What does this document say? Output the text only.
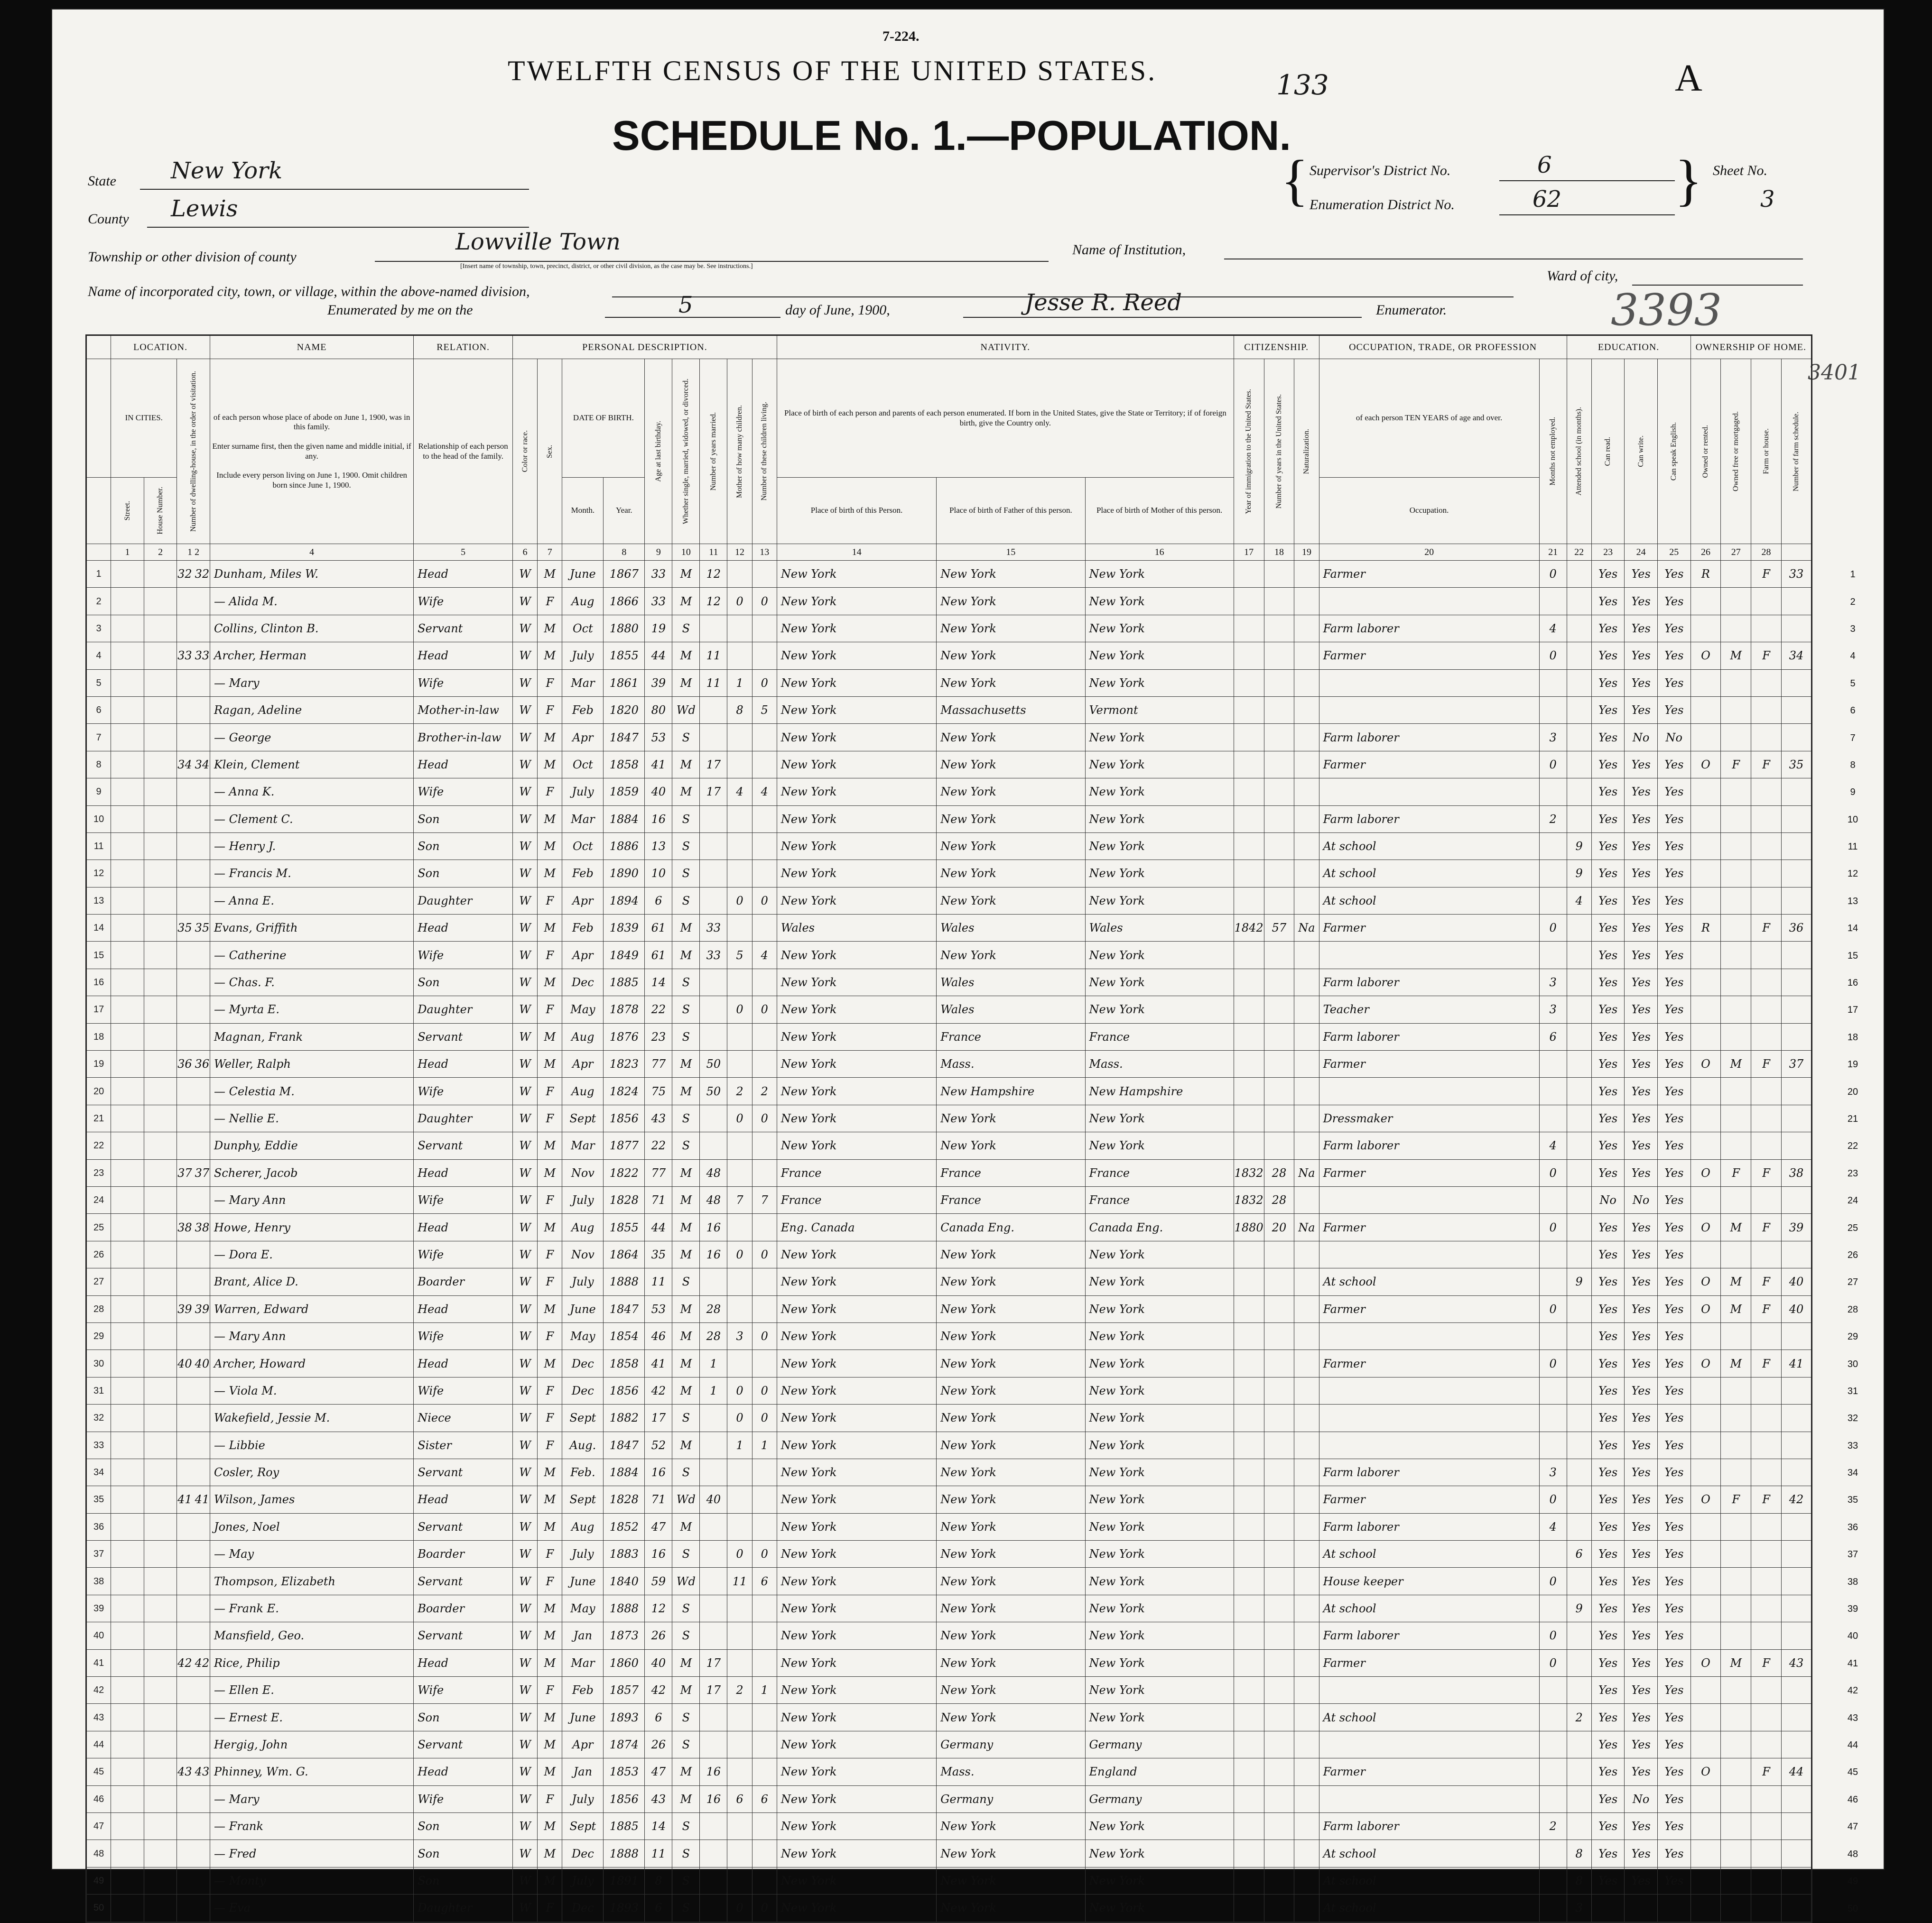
7-224.
TWELFTH CENSUS OF THE UNITED STATES.	133	A
SCHEDULE No. 1.—POPULATION.
State New York
County Lewis	{ Supervisor's District No.	6
Enumeration District No.	62 } Sheet No.
3
Township or other division of county
Lowville Town
[Insert name of township, town, precinct, district, or other civil division, as the case may be. See instructions.]
Name of Institution,
Name of incorporated city, town, or village, within the above-named division,
Ward of city,
Enumerated by me on the	5	day of June, 1900,	Jesse R. Reed	Enumerator.	3393
3401
	LOCATION.			NAME	RELATION.	PERSONAL DESCRIPTION.									NATIVITY.			CITIZENSHIP.			OCCUPATION, TRADE, OR PROFESSION		EDUCATION.				OWNERSHIP OF HOME.			
	IN CITIES.		Number of dwelling-house, in the order of visitation.	of each person whose place of abode on June 1, 1900, was in this family.

Enter surname first, then the given name and middle initial, if any.

Include every person living on June 1, 1900. Omit children born since June 1, 1900.	Relationship of each person to the head of the family.	Color or race.	Sex.	DATE OF BIRTH.		Age at last birthday.	Whether single, married, widowed, or divorced.	Number of years married.	Mother of how many children.	Number of these children living.	Place of birth of each person and parents of each person enumerated. If born in the United States, give the State or Territory; if of foreign birth, give the Country only.			Year of immigration to the United States.	Number of years in the United States.	Naturalization.	of each person TEN YEARS of age and over.	Months not employed.	Attended school (in months).	Can read.	Can write.	Can speak English.	Owned or rented.	Owned free or mortgaged.	Farm or house.	Number of farm schedule.

	Street.	House Number.						Month.	Year.						Place of birth of this Person.	Place of birth of Father of this person.	Place of birth of Mother of this person.				Occupation.									
	1	2	1 2	4	5	6	7		8	9	10	11	12	13	14	15	16	17	18	19	20	21	22	23	24	25	26	27	28	
1			32 32	Dunham, Miles W.	Head	W	M	June	1867	33	M	12			New York	New York	New York				Farmer	0		Yes	Yes	Yes	R		F	33
2				— Alida M.	Wife	W	F	Aug	1866	33	M	12	0	0	New York	New York	New York							Yes	Yes	Yes				
3				Collins, Clinton B.	Servant	W	M	Oct	1880	19	S				New York	New York	New York				Farm laborer	4		Yes	Yes	Yes				
4			33 33	Archer, Herman	Head	W	M	July	1855	44	M	11			New York	New York	New York				Farmer	0		Yes	Yes	Yes	O	M	F	34
5				— Mary	Wife	W	F	Mar	1861	39	M	11	1	0	New York	New York	New York							Yes	Yes	Yes				
6				Ragan, Adeline	Mother-in-law	W	F	Feb	1820	80	Wd		8	5	New York	Massachusetts	Vermont							Yes	Yes	Yes				
7				— George	Brother-in-law	W	M	Apr	1847	53	S				New York	New York	New York				Farm laborer	3		Yes	No	No				
8			34 34	Klein, Clement	Head	W	M	Oct	1858	41	M	17			New York	New York	New York				Farmer	0		Yes	Yes	Yes	O	F	F	35
9				— Anna K.	Wife	W	F	July	1859	40	M	17	4	4	New York	New York	New York							Yes	Yes	Yes				
10				— Clement C.	Son	W	M	Mar	1884	16	S				New York	New York	New York				Farm laborer	2		Yes	Yes	Yes				
11				— Henry J.	Son	W	M	Oct	1886	13	S				New York	New York	New York				At school		9	Yes	Yes	Yes				
12				— Francis M.	Son	W	M	Feb	1890	10	S				New York	New York	New York				At school		9	Yes	Yes	Yes				
13				— Anna E.	Daughter	W	F	Apr	1894	6	S		0	0	New York	New York	New York				At school		4	Yes	Yes	Yes				
14			35 35	Evans, Griffith	Head	W	M	Feb	1839	61	M	33			Wales	Wales	Wales	1842	57	Na	Farmer	0		Yes	Yes	Yes	R		F	36
15				— Catherine	Wife	W	F	Apr	1849	61	M	33	5	4	New York	New York	New York							Yes	Yes	Yes				
16				— Chas. F.	Son	W	M	Dec	1885	14	S				New York	Wales	New York				Farm laborer	3		Yes	Yes	Yes				
17				— Myrta E.	Daughter	W	F	May	1878	22	S		0	0	New York	Wales	New York				Teacher	3		Yes	Yes	Yes				
18				Magnan, Frank	Servant	W	M	Aug	1876	23	S				New York	France	France				Farm laborer	6		Yes	Yes	Yes				
19			36 36	Weller, Ralph	Head	W	M	Apr	1823	77	M	50			New York	Mass.	Mass.				Farmer			Yes	Yes	Yes	O	M	F	37
20				— Celestia M.	Wife	W	F	Aug	1824	75	M	50	2	2	New York	New Hampshire	New Hampshire							Yes	Yes	Yes				
21				— Nellie E.	Daughter	W	F	Sept	1856	43	S		0	0	New York	New York	New York				Dressmaker			Yes	Yes	Yes				
22				Dunphy, Eddie	Servant	W	M	Mar	1877	22	S				New York	New York	New York				Farm laborer	4		Yes	Yes	Yes				
23			37 37	Scherer, Jacob	Head	W	M	Nov	1822	77	M	48			France	France	France	1832	28	Na	Farmer	0		Yes	Yes	Yes	O	F	F	38
24				— Mary Ann	Wife	W	F	July	1828	71	M	48	7	7	France	France	France	1832	28					No	No	Yes				
25			38 38	Howe, Henry	Head	W	M	Aug	1855	44	M	16			Eng. Canada	Canada Eng.	Canada Eng.	1880	20	Na	Farmer	0		Yes	Yes	Yes	O	M	F	39
26				— Dora E.	Wife	W	F	Nov	1864	35	M	16	0	0	New York	New York	New York							Yes	Yes	Yes				
27				Brant, Alice D.	Boarder	W	F	July	1888	11	S				New York	New York	New York				At school		9	Yes	Yes	Yes	O	M	F	40
28			39 39	Warren, Edward	Head	W	M	June	1847	53	M	28			New York	New York	New York				Farmer	0		Yes	Yes	Yes	O	M	F	40
29				— Mary Ann	Wife	W	F	May	1854	46	M	28	3	0	New York	New York	New York							Yes	Yes	Yes				
30			40 40	Archer, Howard	Head	W	M	Dec	1858	41	M	1			New York	New York	New York				Farmer	0		Yes	Yes	Yes	O	M	F	41
31				— Viola M.	Wife	W	F	Dec	1856	42	M	1	0	0	New York	New York	New York							Yes	Yes	Yes				
32				Wakefield, Jessie M.	Niece	W	F	Sept	1882	17	S		0	0	New York	New York	New York							Yes	Yes	Yes				
33				— Libbie	Sister	W	F	Aug.	1847	52	M		1	1	New York	New York	New York							Yes	Yes	Yes				
34				Cosler, Roy	Servant	W	M	Feb.	1884	16	S				New York	New York	New York				Farm laborer	3		Yes	Yes	Yes				
35			41 41	Wilson, James	Head	W	M	Sept	1828	71	Wd	40			New York	New York	New York				Farmer	0		Yes	Yes	Yes	O	F	F	42
36				Jones, Noel	Servant	W	M	Aug	1852	47	M				New York	New York	New York				Farm laborer	4		Yes	Yes	Yes				
37				— May	Boarder	W	F	July	1883	16	S		0	0	New York	New York	New York				At school		6	Yes	Yes	Yes				
38				Thompson, Elizabeth	Servant	W	F	June	1840	59	Wd		11	6	New York	New York	New York				House keeper	0		Yes	Yes	Yes				
39				— Frank E.	Boarder	W	M	May	1888	12	S				New York	New York	New York				At school		9	Yes	Yes	Yes				
40				Mansfield, Geo.	Servant	W	M	Jan	1873	26	S				New York	New York	New York				Farm laborer	0		Yes	Yes	Yes				
41			42 42	Rice, Philip	Head	W	M	Mar	1860	40	M	17			New York	New York	New York				Farmer	0		Yes	Yes	Yes	O	M	F	43
42				— Ellen E.	Wife	W	F	Feb	1857	42	M	17	2	1	New York	New York	New York							Yes	Yes	Yes				
43				— Ernest E.	Son	W	M	June	1893	6	S				New York	New York	New York				At school		2	Yes	Yes	Yes				
44				Hergig, John	Servant	W	M	Apr	1874	26	S				New York	Germany	Germany							Yes	Yes	Yes				
45			43 43	Phinney, Wm. G.	Head	W	M	Jan	1853	47	M	16			New York	Mass.	England				Farmer			Yes	Yes	Yes	O		F	44
46				— Mary	Wife	W	F	July	1856	43	M	16	6	6	New York	Germany	Germany							Yes	No	Yes				
47				— Frank	Son	W	M	Sept	1885	14	S				New York	New York	New York				Farm laborer	2		Yes	Yes	Yes				
48				— Fred	Son	W	M	Dec	1888	11	S				New York	New York	New York				At school		8	Yes	Yes	Yes				
49				— Monty	Son	W	M	July	1891	8	S				New York	New York	New York				At school		8	Yes	Yes	Yes				
50				— Eva	Daughter	W	F	Dec	1893	6	S		0	0	New York	New York	New York				At school		3							
1
2
3
4
5
6
7
8
9
10
11
12
13
14
15
16
17
18
19
20
21
22
23
24
25
26
27
28
29
30
31
32
33
34
35
36
37
38
39
40
41
42
43
44
45
46
47
48
49
50
